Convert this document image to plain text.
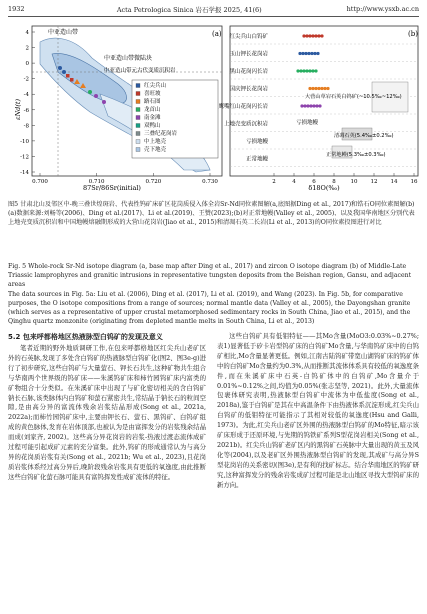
1932	Acta Petrologica Sinica 岩石学报 2025, 41(6)	http://www.ysxb.ac.cn
中亚造山带
中亚造山带微陆块
中亚造山带元古代变质沉积岩
红尖兵山
喜旺坡
路石图
龙首山
南金滩
双鸭山
三叠纪花岗岩
中上地壳
壳下地壳
4
2
0
-2
-4
-6
-8
-10
-12
-14
0.700	0.710	0.720	0.730
εNd(t)
87Sr/86Sr(initial)
(a) 红尖兵山白钨矿
玉山钾长花岗岩
黑山花岗闪长岩
国庆钾长花岗岩
鹰嘴红山花岗闪长岩
上地壳变质沉积岩
亏损地幔
正常地幔
大营山草宕石英白钨矿(~10.5‰~12‰)
亏损地幔
清凋石英(5.4‰±0.2‰)
正常地幔(5.3‰±0.3‰)
2	4	6	8	10 12 14 16
δ18O(‰)
(b)
图5 甘肃北山及邻区中-晚三叠世煌斑岩、代表性钨矿床矿区花岗质侵入体全岩Sr-Nd同位素图解(a,底图据Ding et al., 2017)和锆石O同位素图解(b)
(a)数据来源:刘畅等(2006)、Ding et al.(2017)、Li et al.(2019)、王赞(2023);(b)对正常地幔(Valley et al., 2005)、以及我国华南地区分别代表上地壳变质沉积岩和中国地幔熔融期形成的大营山花岗岩(Jiao et al., 2015)和清凋石英二长岩(Li et al., 2013)的O同位素投图进行对比
Fig. 5 Whole-rock Sr-Nd isotope diagram (a, base map after Ding et al., 2017) and zircon O isotope diagram (b) of Middle-Late Triassic lamprophyres and granitic intrusions in representative tungsten deposits from the Beishan region, Gansu, and adjacent areas
The data sources in Fig. 5a: Liu et al. (2006), Ding et al. (2017), Li et al. (2019), and Wang (2023). In Fig. 5b, for comparative purposes, the O isotope compositions from a range of sources; normal mantle data (Valley et al., 2005), the Dayongshan granite (which serves as a representative of upper crustal metamorphosed sedimentary rocks in South China, Jiao et al., 2015), and the Qinghu quartz monzonite (originating from depleted mantle melts in South China, Li et al., 2013)
5.2 包来呼都格地区热液脉型白钨矿的发现及意义

笔者近期的野外地质调研工作,在包来呼都格地区红尖兵山老矿区外的石英脉,发现了多处含白钨矿的热液脉型白钨矿化(图2、图3e-g)进行了初步研究,这些白钨矿与大量萤石、钾长石共生,这种矿物共生组合与华南两个世界级的钨矿床——朱溪钨矿床和柿竹园钨矿床内富类的矿物组合十分类似。在朱溪矿床中出现了与矿化密切相关的含白钨矿钠长石脉,该类脉体内白钨矿和萤石紧密共生,常结晶于钠长石的粒间空隙,是由高分异的富流体残余岩浆结晶形成(Song et al., 2021a, 2022a);而柿竹园钨矿床中,主要由钾长石、萤石、黑钨矿、白钨矿组成的黄色脉体,发育在岩体顶部,也被认为是由富挥发分的岩浆残余结晶而成(刘家齐, 2002)。这些高分异花岗岩的岩浆-热液过渡态流体成矿过程可能引起成矿元素的充分富集。此外,钨矿的形成通常认为与高分异的花岗质岩浆有关(Song et al., 2021b; Wu et al., 2023),且花岗质岩浆体系经过高分异后,晚阶段残余岩浆具有更低的氧逸度,由此推断这些白钨矿化萤石脉可能具有富钨挥发性成矿流体的特征。

这些白钨矿具有低钼特征——其Mo含量(MoO3:0.03%~0.27%;表1)显著低于矽卡岩型钨矿床的白钨矿Mo含量,与华南钨矿床中的白钨矿相比,Mo含量显著更低。例如,江南古陆钨矿带宽山湖钨矿床的钨矿体中的白钨矿Mo含量约为0.3%,从而推断其流体体系具有较低的氧逸度条件,而在朱溪矿床中石英-白钨矿体中的白钨矿,Mo含量介于0.01%~0.12%之间,均值为0.05%(张志坚等, 2021)。此外,大量流体包裹体研究表明,热液脉型白钨矿中流体为中低盐度(Song et al., 2018a),鉴于白钨矿是其在中高温条件下由热液体系沉淀形成,红尖兵山白钨矿的低钼特征可能指示了其相对较低的氧逸度(Hsu and Galli, 1973)。为此,红尖兵山老矿区外围的热液脉型白钨矿的Mo特征,暗示该矿床形成于还原环境,与先期的钨铁矿系列S型花岗岩相关(Song et al., 2021b)。红尖兵山钨矿老矿区内的黑钨矿石英脉中大量出现的黄玉及风化等(2004),以及老矿区外围热液脉型白钨矿的发现,其成矿与高分异S型花岗岩的关系密切(图3e),是有利的找矿标志。结合华南地区的钨矿研究,这种富挥发分的残余岩浆成矿过程可能是北山地区寻找大型钨矿床的新方向。
